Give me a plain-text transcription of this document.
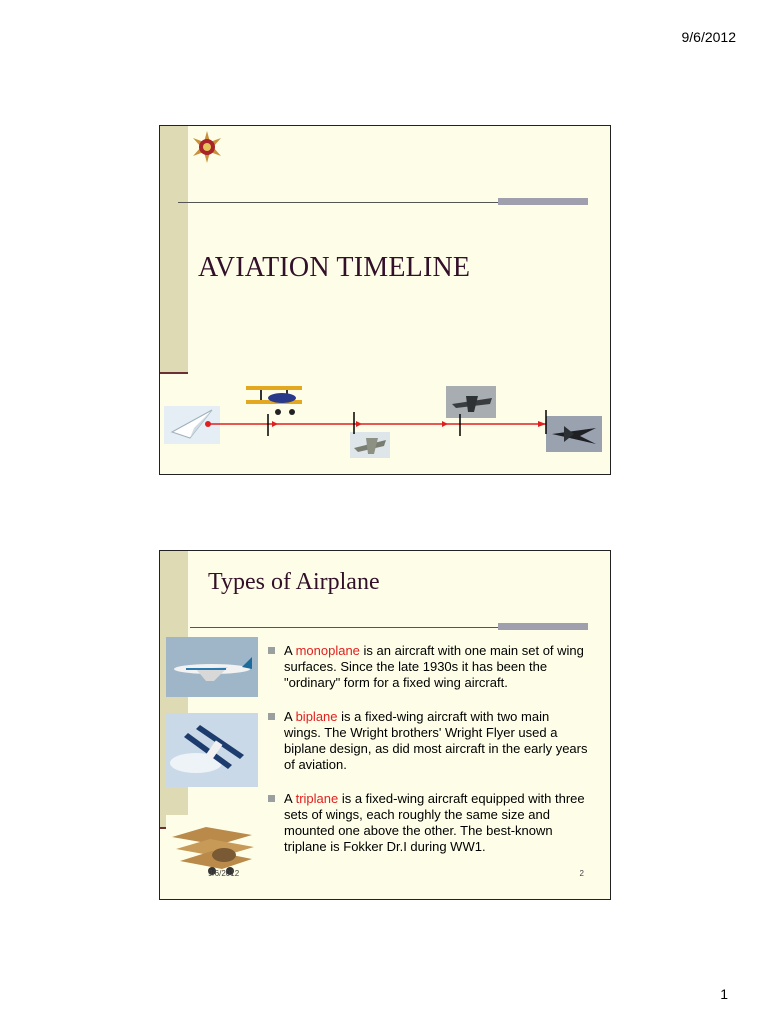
9/6/2012
AVIATION TIMELINE
Types of Airplane
A monoplane is an aircraft with one main set of wing surfaces. Since the late 1930s it has been the "ordinary" form for a fixed wing aircraft.
A biplane is a fixed-wing aircraft with two main wings. The Wright brothers' Wright Flyer used a biplane design, as did most aircraft in the early years of aviation.
A triplane is a fixed-wing aircraft equipped with three sets of wings, each roughly the same size and mounted one above the other. The best-known triplane is Fokker Dr.I during WW1.
9/6/2012	2
1
